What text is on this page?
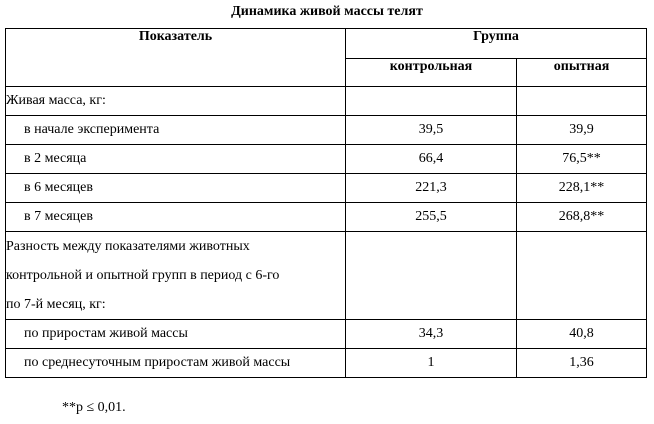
Динамика живой массы телят
Показатель	Группа	
	контрольная	опытная
Живая масса, кг:		
в начале эксперимента	39,5	39,9
в 2 месяца	66,4	76,5**
в 6 месяцев	221,3	228,1**
в 7 месяцев	255,5	268,8**

Разность между показателями животных
контрольной и опытной групп в период с 6-го
по 7-й месяц, кг:		

по приростам живой массы	34,3	40,8
по среднесуточным приростам живой массы	1	1,36
**р ≤ 0,01.
